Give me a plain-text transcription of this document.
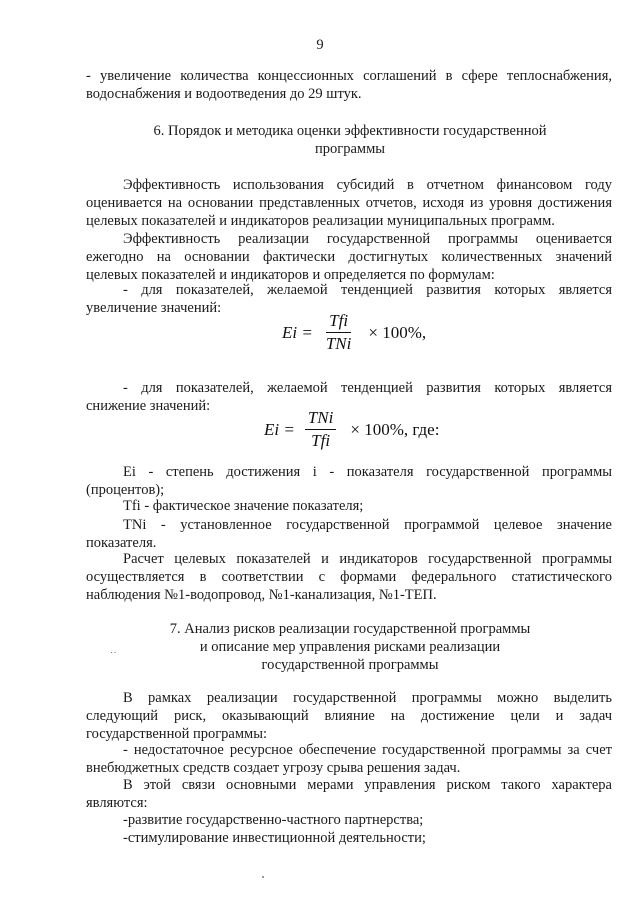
9
- увеличение количества концессионных соглашений в сфере теплоснабжения,
водоснабжения и водоотведения до 29 штук.
6. Порядок и методика оценки эффективности государственной
программы
Эффективность использования субсидий в отчетном финансовом году
оценивается на основании представленных отчетов, исходя из уровня достижения
целевых показателей и индикаторов реализации муниципальных программ.
Эффективность реализации государственной программы оценивается
ежегодно на основании фактически достигнутых количественных значений
целевых показателей и индикаторов и определяется по формулам:
- для показателей, желаемой тенденцией развития которых является
увеличение значений:
$Ei = \frac{\text{Tfi}}{\text{TNi}} \times 100\%$,
- для показателей, желаемой тенденцией развития которых является
снижение значений:
$Ei = \frac{\text{TNi}}{\text{Tfi}} \times 100\%$, где:
Ei - степень достижения i - показателя государственной программы
(процентов);
Tfi - фактическое значение показателя;
TNi - установленное государственной программой целевое значение
показателя.
Расчет целевых показателей и индикаторов государственной программы
осуществляется в соответствии с формами федерального статистического
наблюдения №1-водопровод, №1-канализация, №1-ТЕП.
7. Анализ рисков реализации государственной программы
и описание мер управления рисками реализации
государственной программы
˙˙
В рамках реализации государственной программы можно выделить
следующий риск, оказывающий влияние на достижение цели и задач
государственной программы:
- недостаточное ресурсное обеспечение государственной программы за счет
внебюджетных средств создает угрозу срыва решения задач.
В этой связи основными мерами управления риском такого характера
являются:
-развитие государственно-частного партнерства;
-стимулирование инвестиционной деятельности;
